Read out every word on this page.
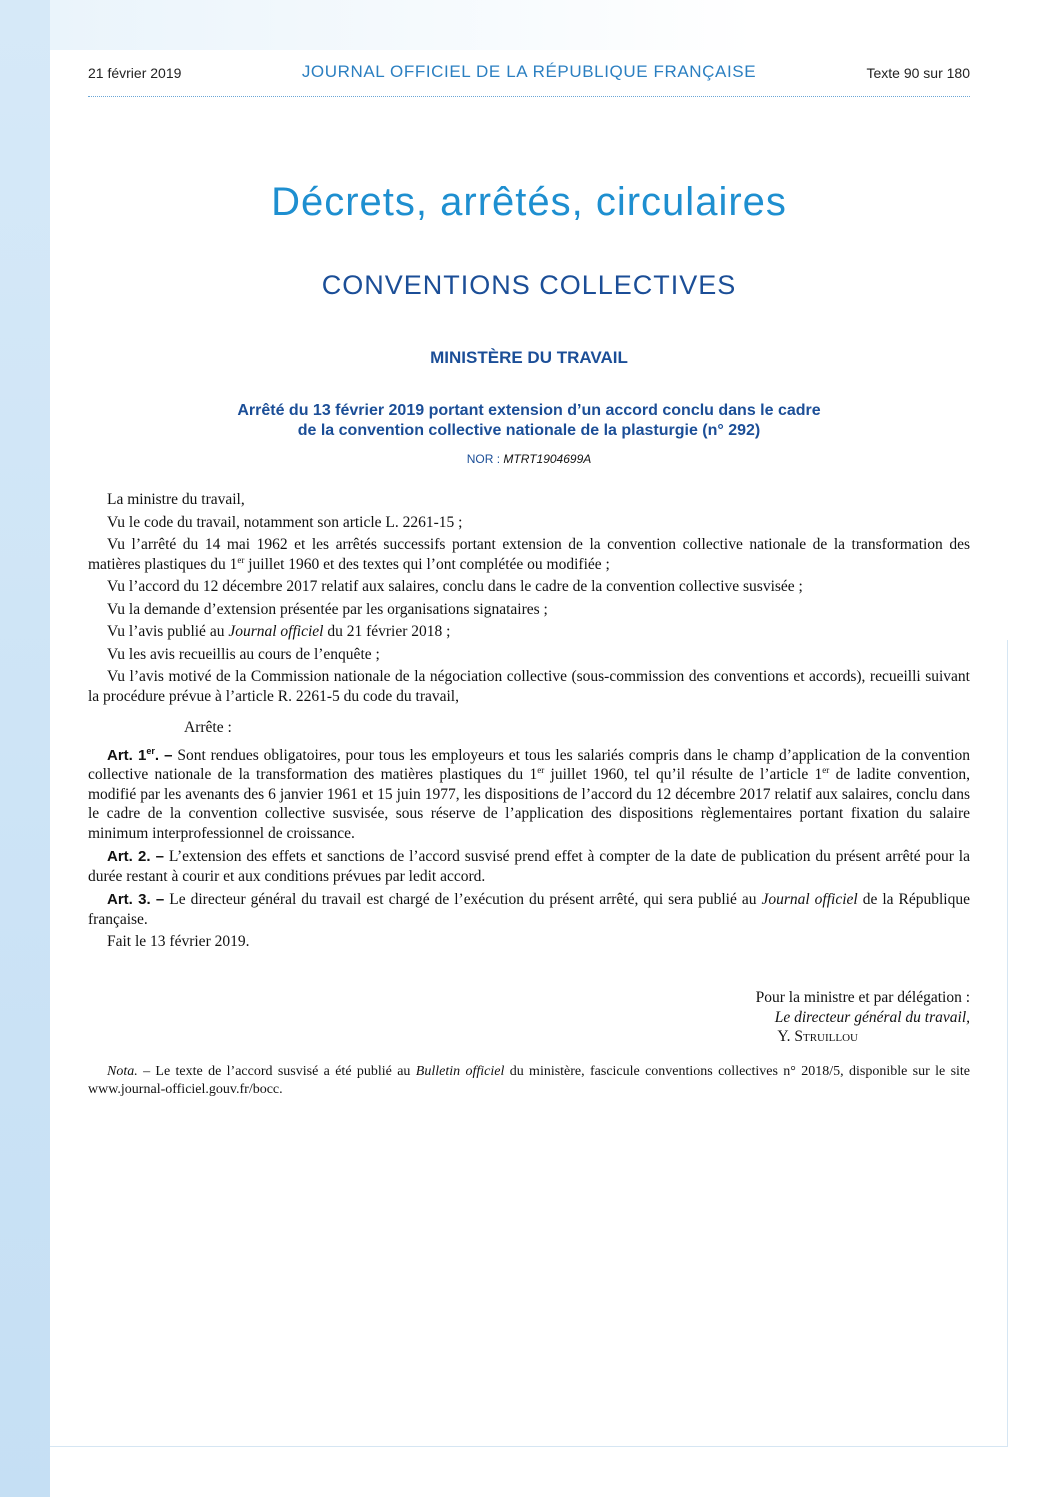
21 février 2019	JOURNAL OFFICIEL DE LA RÉPUBLIQUE FRANÇAISE	Texte 90 sur 180
Décrets, arrêtés, circulaires
CONVENTIONS COLLECTIVES
MINISTÈRE DU TRAVAIL
Arrêté du 13 février 2019 portant extension d’un accord conclu dans le cadre
de la convention collective nationale de la plasturgie (n° 292)
NOR : MTRT1904699A

La ministre du travail,

Vu le code du travail, notamment son article L. 2261-15 ;

Vu l’arrêté du 14 mai 1962 et les arrêtés successifs portant extension de la convention collective nationale de la transformation des matières plastiques du 1er juillet 1960 et des textes qui l’ont complétée ou modifiée ;

Vu l’accord du 12 décembre 2017 relatif aux salaires, conclu dans le cadre de la convention collective susvisée ;

Vu la demande d’extension présentée par les organisations signataires ;

Vu l’avis publié au Journal officiel du 21 février 2018 ;

Vu les avis recueillis au cours de l’enquête ;

Vu l’avis motivé de la Commission nationale de la négociation collective (sous-commission des conventions et accords), recueilli suivant la procédure prévue à l’article R. 2261-5 du code du travail,

Arrête :

Art. 1er. – Sont rendues obligatoires, pour tous les employeurs et tous les salariés compris dans le champ d’application de la convention collective nationale de la transformation des matières plastiques du 1er juillet 1960, tel qu’il résulte de l’article 1er de ladite convention, modifié par les avenants des 6 janvier 1961 et 15 juin 1977, les dispositions de l’accord du 12 décembre 2017 relatif aux salaires, conclu dans le cadre de la convention collective susvisée, sous réserve de l’application des dispositions règlementaires portant fixation du salaire minimum interprofessionnel de croissance.

Art. 2. – L’extension des effets et sanctions de l’accord susvisé prend effet à compter de la date de publication du présent arrêté pour la durée restant à courir et aux conditions prévues par ledit accord.

Art. 3. – Le directeur général du travail est chargé de l’exécution du présent arrêté, qui sera publié au Journal officiel de la République française.

Fait le 13 février 2019.

Pour la ministre et par délégation :
Le directeur général du travail,
Y. Struillou

Nota. – Le texte de l’accord susvisé a été publié au Bulletin officiel du ministère, fascicule conventions collectives n° 2018/5, disponible sur le site www.journal-officiel.gouv.fr/bocc.
